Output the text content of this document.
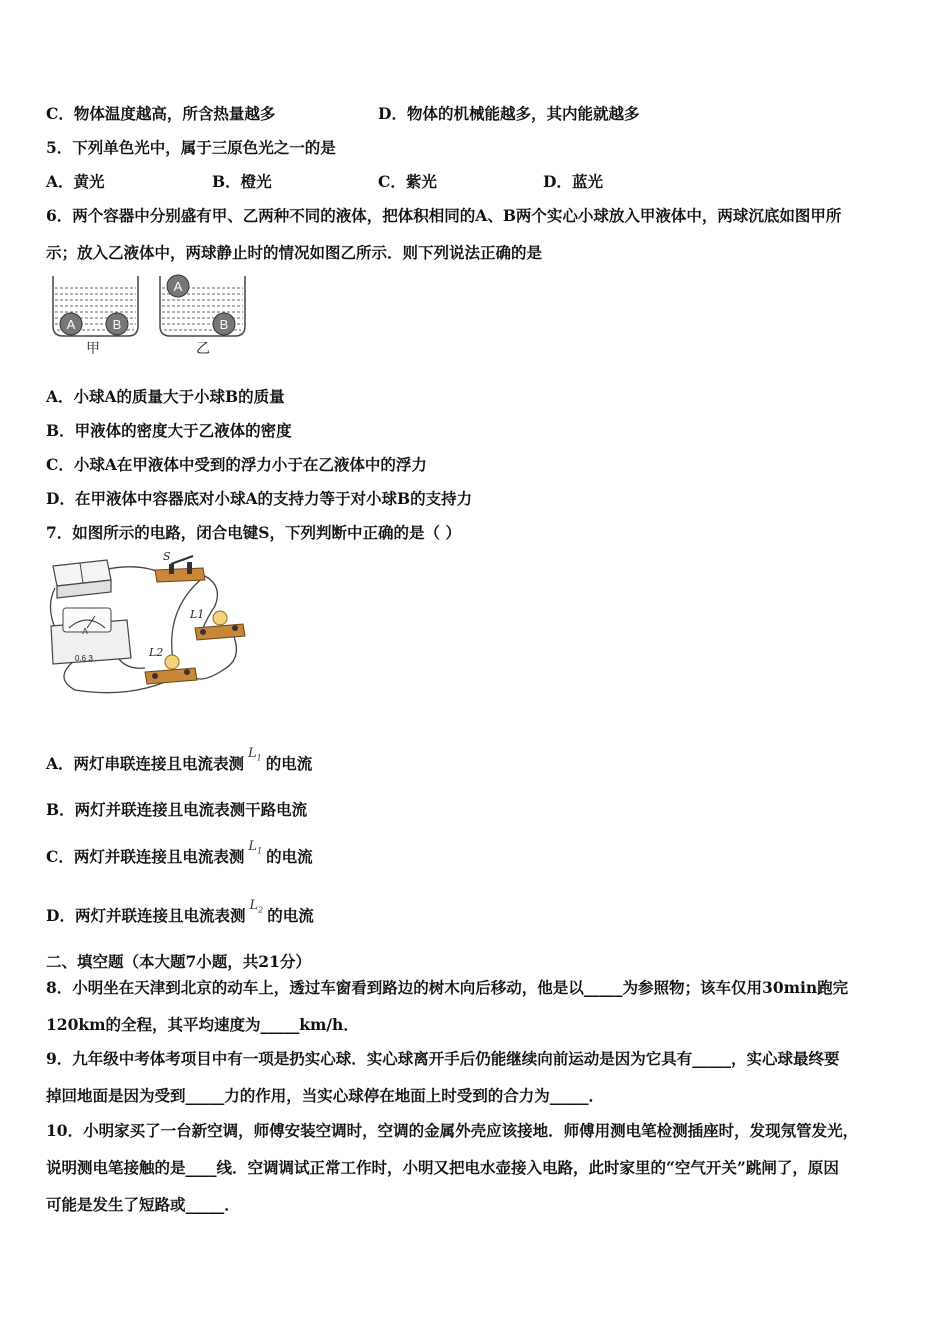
C．物体温度越高，所含热量越多	D．物体的机械能越多，其内能就越多
5．下列单色光中，属于三原色光之一的是
A．黄光	B．橙光	C．紫光	D．蓝光
6．两个容器中分别盛有甲、乙两种不同的液体，把体积相同的A、B两个实心小球放入甲液体中，两球沉底如图甲所
示；放入乙液体中，两球静止时的情况如图乙所示．则下列说法正确的是
A	B
甲
A
B
乙
A．小球A的质量大于小球B的质量
B．甲液体的密度大于乙液体的密度
C．小球A在甲液体中受到的浮力小于在乙液体中的浮力
D．在甲液体中容器底对小球A的支持力等于对小球B的支持力
7．如图所示的电路，闭合电键S，下列判断中正确的是（ ）
A
0.6 3
S
L1
L2
A．两灯串联连接且电流表测$L_1$ 的电流
B．两灯并联连接且电流表测干路电流
C．两灯并联连接且电流表测$L_1$ 的电流
D．两灯并联连接且电流表测$L_2$ 的电流
二、填空题（本大题7小题，共21分）
8．小明坐在天津到北京的动车上，透过车窗看到路边的树木向后移动，他是以_____为参照物；该车仅用30min跑完
120km的全程，其平均速度为_____km/h．
9．九年级中考体考项目中有一项是扔实心球．实心球离开手后仍能继续向前运动是因为它具有_____，实心球最终要
掉回地面是因为受到_____力的作用，当实心球停在地面上时受到的合力为_____．
10．小明家买了一台新空调，师傅安装空调时，空调的金属外壳应该接地．师傅用测电笔检测插座时，发现氖管发光，
说明测电笔接触的是____线．空调调试正常工作时，小明又把电水壶接入电路，此时家里的“空气开关”跳闸了，原因
可能是发生了短路或_____．
